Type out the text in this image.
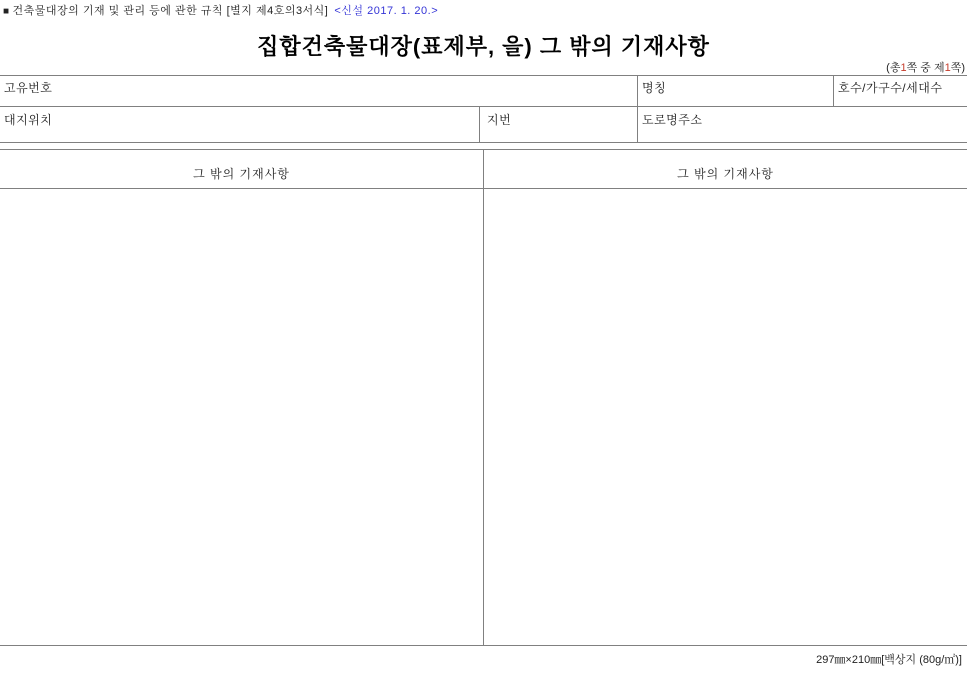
■ 건축물대장의 기재 및 관리 등에 관한 규칙 [별지 제4호의3서식] <신설 2017. 1. 20.>
집합건축물대장(표제부, 을) 그 밖의 기재사항
(총1쪽 중 제1쪽)
고유번호	명칭	호수/가구수/세대수
대지위치	지번	도로명주소
그 밖의 기재사항	그 밖의 기재사항
297㎜×210㎜[백상지 (80g/㎡)]
